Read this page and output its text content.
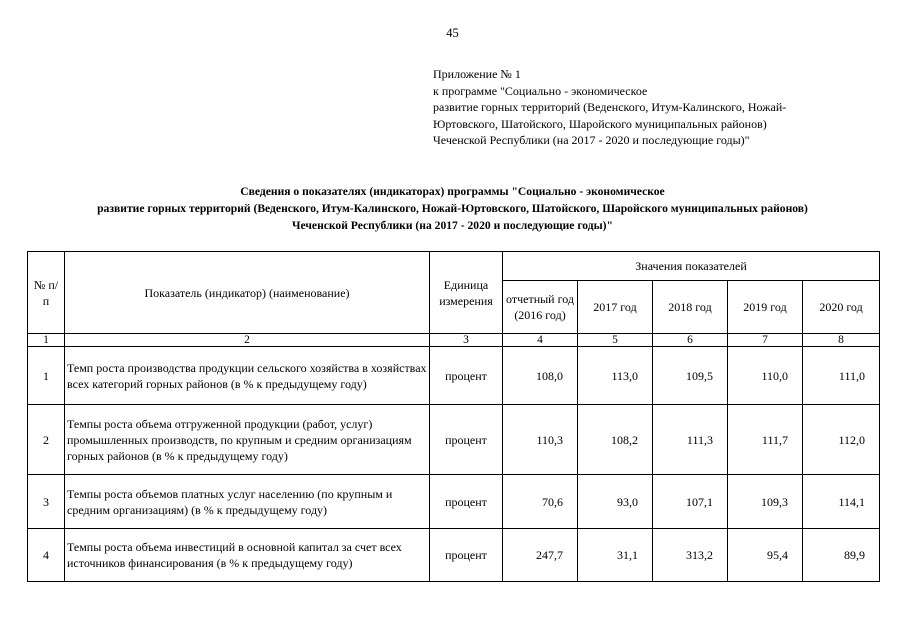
45
Приложение № 1
к программе "Социально - экономическое
развитие горных территорий (Веденского, Итум-Калинского, Ножай-
Юртовского, Шатойского, Шаройского муниципальных районов)
Чеченской Республики (на 2017 - 2020 и последующие годы)"
Сведения о показателях (индикаторах) программы "Социально - экономическое
развитие горных территорий (Веденского, Итум-Калинского, Ножай-Юртовского, Шатойского, Шаройского муниципальных районов)
Чеченской Республики (на 2017 - 2020 и последующие годы)"
№ п/п	Показатель (индикатор) (наименование)	Единица измерения	Значения показателей				
			отчетный год (2016 год)	2017 год	2018 год	2019 год	2020 год
1	2	3	4	5	6	7	8
1	Темп роста производства продукции сельского хозяйства в хозяйствах всех категорий горных районов (в % к предыдущему году)	процент	108,0	113,0	109,5	110,0	111,0
2	Темпы роста объема отгруженной продукции (работ, услуг) промышленных производств, по крупным и средним организациям горных районов (в % к предыдущему году)	процент	110,3	108,2	111,3	111,7	112,0
3	Темпы роста объемов платных услуг населению (по крупным и средним организациям) (в % к предыдущему году)	процент	70,6	93,0	107,1	109,3	114,1
4	Темпы роста объема инвестиций в основной капитал за счет всех источников финансирования (в % к предыдущему году)	процент	247,7	31,1	313,2	95,4	89,9
